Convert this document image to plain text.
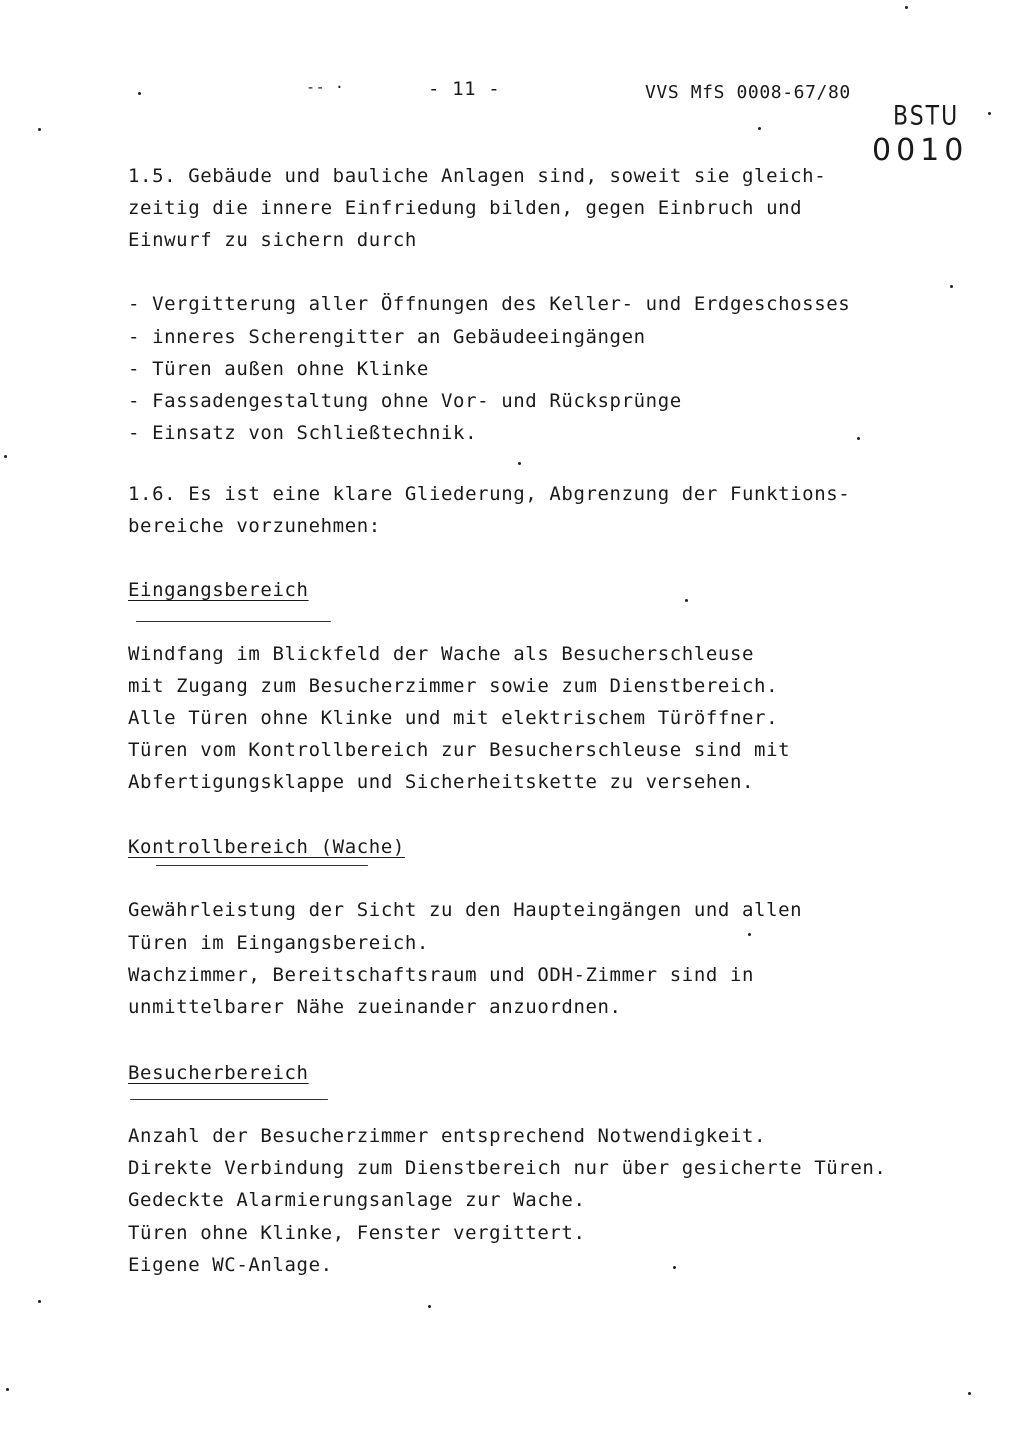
-- ·	- 11 -	VVS MfS 0008-67/80
BSTU
0010
1.5. Gebäude und bauliche Anlagen sind, soweit sie gleich-
zeitig die innere Einfriedung bilden, gegen Einbruch und
Einwurf zu sichern durch
- Vergitterung aller Öffnungen des Keller- und Erdgeschosses
- inneres Scherengitter an Gebäudeeingängen
- Türen außen ohne Klinke
- Fassadengestaltung ohne Vor- und Rücksprünge
- Einsatz von Schließtechnik.
1.6. Es ist eine klare Gliederung, Abgrenzung der Funktions-
bereiche vorzunehmen:
Eingangsbereich
Windfang im Blickfeld der Wache als Besucherschleuse
mit Zugang zum Besucherzimmer sowie zum Dienstbereich.
Alle Türen ohne Klinke und mit elektrischem Türöffner.
Türen vom Kontrollbereich zur Besucherschleuse sind mit
Abfertigungsklappe und Sicherheitskette zu versehen.
Kontrollbereich (Wache)
Gewährleistung der Sicht zu den Haupteingängen und allen
Türen im Eingangsbereich.
Wachzimmer, Bereitschaftsraum und ODH-Zimmer sind in
unmittelbarer Nähe zueinander anzuordnen.
Besucherbereich
Anzahl der Besucherzimmer entsprechend Notwendigkeit.
Direkte Verbindung zum Dienstbereich nur über gesicherte Türen.
Gedeckte Alarmierungsanlage zur Wache.
Türen ohne Klinke, Fenster vergittert.
Eigene WC-Anlage.
